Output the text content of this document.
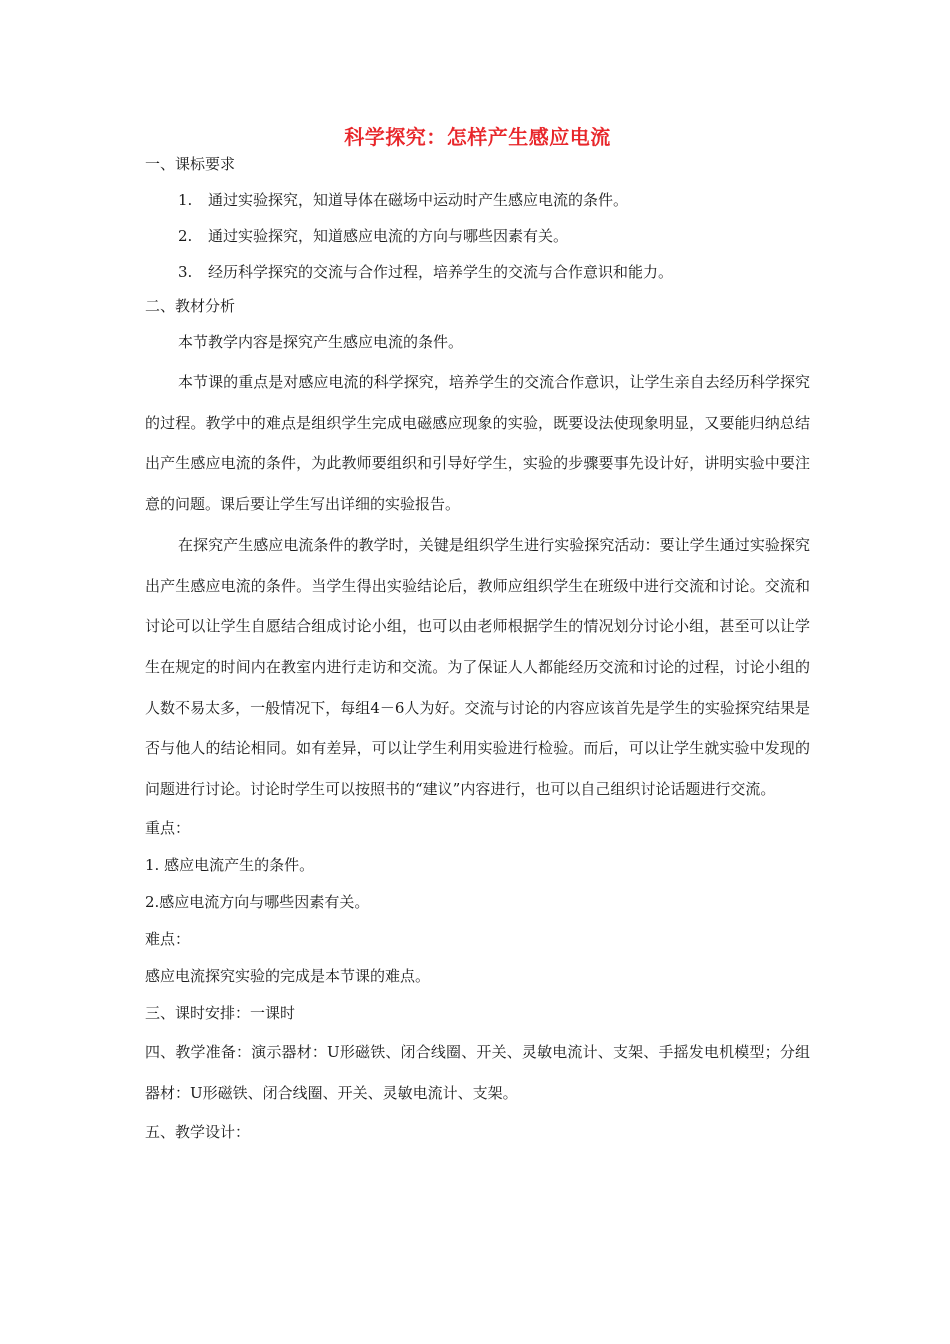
科学探究：怎样产生感应电流

一、课标要求

1. 通过实验探究，知道导体在磁场中运动时产生感应电流的条件。

2. 通过实验探究，知道感应电流的方向与哪些因素有关。

3. 经历科学探究的交流与合作过程，培养学生的交流与合作意识和能力。

二、教材分析

本节教学内容是探究产生感应电流的条件。

本节课的重点是对感应电流的科学探究，培养学生的交流合作意识，让学生亲自去经历科学探究的过程。教学中的难点是组织学生完成电磁感应现象的实验，既要设法使现象明显，又要能归纳总结出产生感应电流的条件，为此教师要组织和引导好学生，实验的步骤要事先设计好，讲明实验中要注意的问题。课后要让学生写出详细的实验报告。

在探究产生感应电流条件的教学时，关键是组织学生进行实验探究活动：要让学生通过实验探究出产生感应电流的条件。当学生得出实验结论后，教师应组织学生在班级中进行交流和讨论。交流和讨论可以让学生自愿结合组成讨论小组，也可以由老师根据学生的情况划分讨论小组，甚至可以让学生在规定的时间内在教室内进行走访和交流。为了保证人人都能经历交流和讨论的过程，讨论小组的人数不易太多，一般情况下，每组4－6人为好。交流与讨论的内容应该首先是学生的实验探究结果是否与他人的结论相同。如有差异，可以让学生利用实验进行检验。而后，可以让学生就实验中发现的问题进行讨论。讨论时学生可以按照书的“建议”内容进行，也可以自己组织讨论话题进行交流。

重点：

1. 感应电流产生的条件。

2.感应电流方向与哪些因素有关。

难点：

感应电流探究实验的完成是本节课的难点。

三、课时安排：一课时

四、教学准备：演示器材：U形磁铁、闭合线圈、开关、灵敏电流计、支架、手摇发电机模型；分组器材：U形磁铁、闭合线圈、开关、灵敏电流计、支架。

五、教学设计：
